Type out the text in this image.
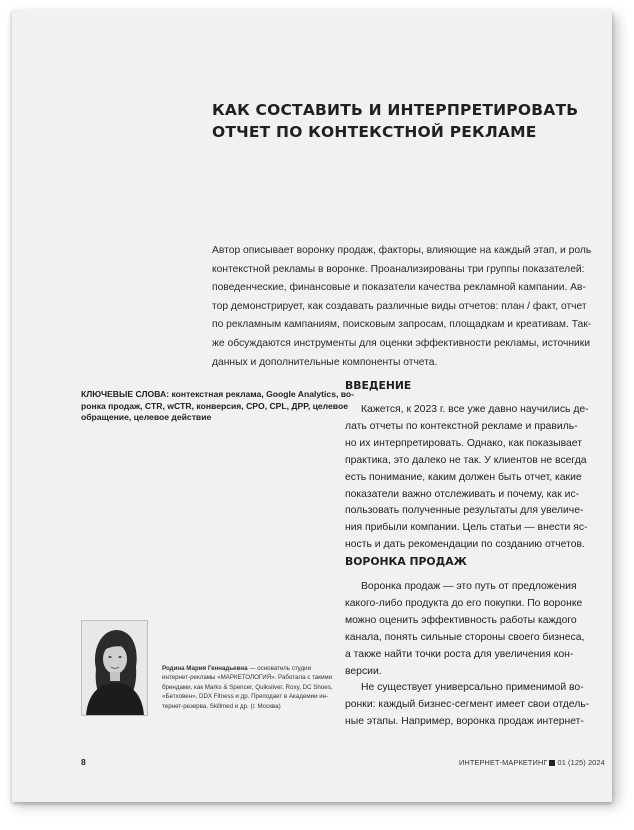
КАК СОСТАВИТЬ И ИНТЕРПРЕТИРОВАТЬ
ОТЧЕТ ПО КОНТЕКСТНОЙ РЕКЛАМЕ

Автор описывает воронку продаж, факторы, влияющие на каждый этап, и роль
контекстной рекламы в воронке. Проанализированы три группы показателей:
поведенческие, финансовые и показатели качества рекламной кампании. Ав-
тор демонстрирует, как создавать различные виды отчетов: план / факт, отчет
по рекламным кампаниям, поисковым запросам, площадкам и креативам. Так-
же обсуждаются инструменты для оценки эффективности рекламы, источники
данных и дополнительные компоненты отчета.

КЛЮЧЕВЫЕ СЛОВА: контекстная реклама, Google Analytics, во-
ронка продаж, CTR, wCTR, конверсия, CPO, CPL, ДРР, целевое
обращение, целевое действие
ВВЕДЕНИЕ

Кажется, к 2023 г. все уже давно научились де-
лать отчеты по контекстной рекламе и правиль-
но их интерпретировать. Однако, как показывает
практика, это далеко не так. У клиентов не всегда
есть понимание, каким должен быть отчет, какие
показатели важно отслеживать и почему, как ис-
пользовать полученные результаты для увеличе-
ния прибыли компании. Цель статьи — внести яс-
ность и дать рекомендации по созданию отчетов.

ВОРОНКА ПРОДАЖ

Воронка продаж — это путь от предложения
какого-либо продукта до его покупки. По воронке
можно оценить эффективность работы каждого
канала, понять сильные стороны своего бизнеса,
а также найти точки роста для увеличения кон-
версии.

Не существует универсально применимой во-
ронки: каждый бизнес-сегмент имеет свои отдель-
ные этапы. Например, воронка продаж интернет-

Родина Мария Геннадьевна — основатель студии
интернет-рекламы «МАРКЕТОЛОГИЯ». Работала с такими
брендами, как Marks & Spencer, Quiksilver, Roxy, DC Shoes,
«Бетховен», DDX Fitness и др. Преподает в Академии ин-
тернет-резерва, Skillmed и др. (г. Москва)
8	ИНТЕРНЕТ-МАРКЕТИНГ 01 (125) 2024
